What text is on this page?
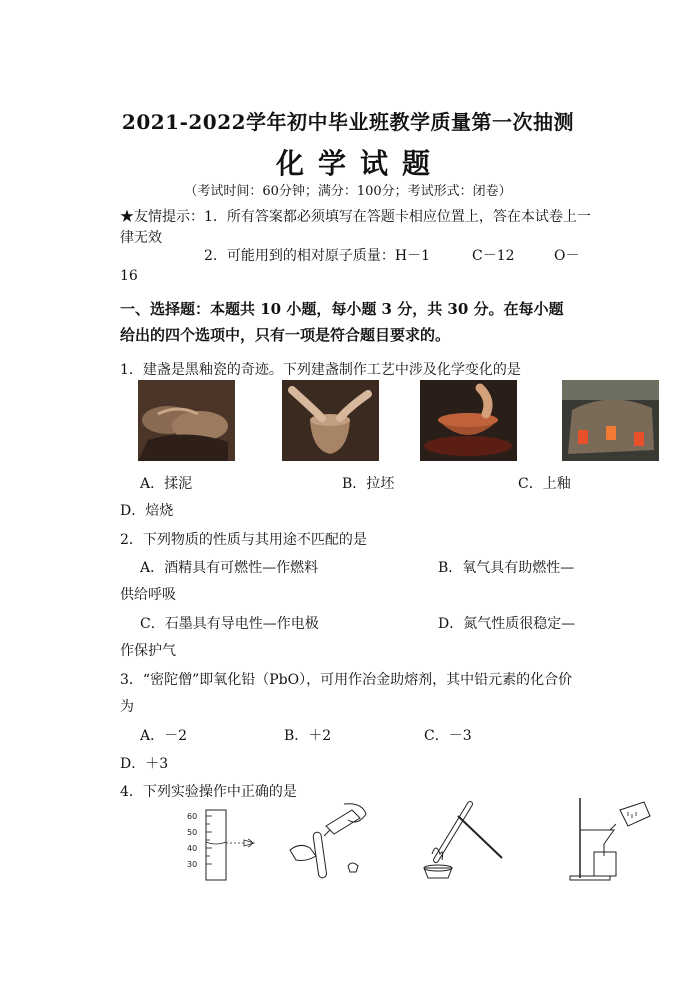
2021-2022学年初中毕业班教学质量第一次抽测
化学试题
（考试时间：60分钟；满分：100分；考试形式：闭卷）
★友情提示：1．所有答案都必须填写在答题卡相应位置上，答在本试卷上一
律无效
2．可能用到的相对原子质量：H－1	C－12	O－
16
一、选择题：本题共 10 小题，每小题 3 分，共 30 分。在每小题
给出的四个选项中，只有一项是符合题目要求的。
1．建盏是黑釉瓷的奇迹。下列建盏制作工艺中涉及化学变化的是
A．揉泥	B．拉坯	C．上釉
D．焙烧
2．下列物质的性质与其用途不匹配的是
A．酒精具有可燃性—作燃料	B．氧气具有助燃性—
供给呼吸
C．石墨具有导电性—作电极	D．氮气性质很稳定—
作保护气
3．“密陀僧”即氧化铅（PbO），可用作冶金助熔剂，其中铅元素的化合价
为
A．－2	B．＋2	C．－3
D．＋3
4．下列实验操作中正确的是
60
50
40
30
